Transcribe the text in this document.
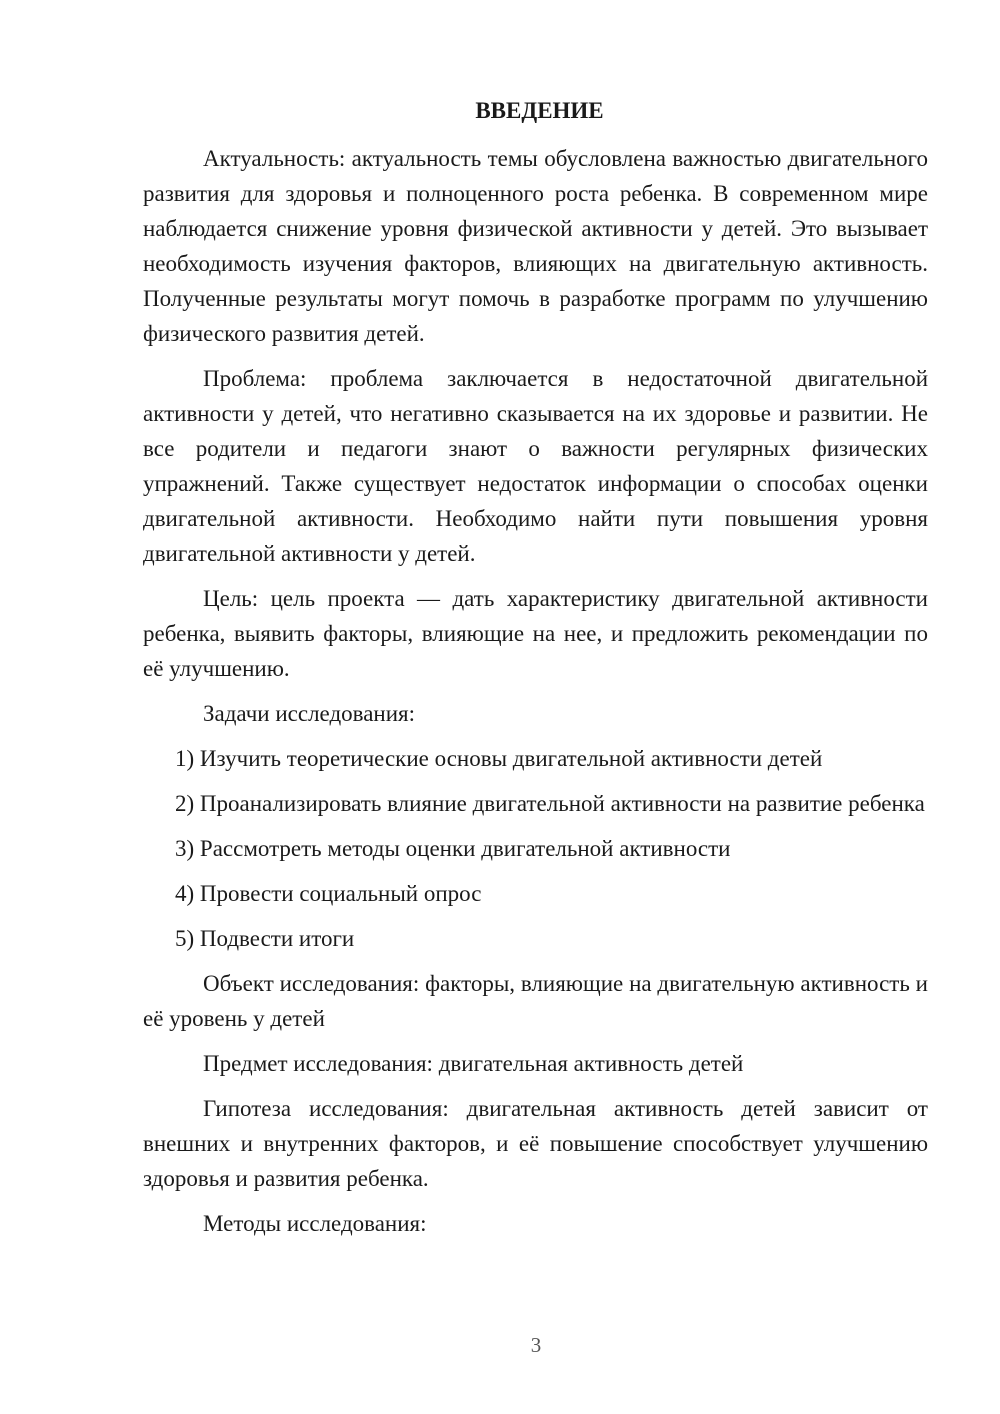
ВВЕДЕНИЕ

Актуальность: актуальность темы обусловлена важностью двигательного развития для здоровья и полноценного роста ребенка. В современном мире наблюдается снижение уровня физической активности у детей. Это вызывает необходимость изучения факторов, влияющих на двигательную активность. Полученные результаты могут помочь в разработке программ по улучшению физического развития детей.

Проблема: проблема заключается в недостаточной двигательной активности у детей, что негативно сказывается на их здоровье и развитии. Не все родители и педагоги знают о важности регулярных физических упражнений. Также существует недостаток информации о способах оценки двигательной активности. Необходимо найти пути повышения уровня двигательной активности у детей.

Цель: цель проекта — дать характеристику двигательной активности ребенка, выявить факторы, влияющие на нее, и предложить рекомендации по её улучшению.

Задачи исследования:

1) Изучить теоретические основы двигательной активности детей

2) Проанализировать влияние двигательной активности на развитие ребенка

3) Рассмотреть методы оценки двигательной активности

4) Провести социальный опрос

5) Подвести итоги

Объект исследования: факторы, влияющие на двигательную активность и её уровень у детей

Предмет исследования: двигательная активность детей

Гипотеза исследования: двигательная активность детей зависит от внешних и внутренних факторов, и её повышение способствует улучшению здоровья и развития ребенка.

Методы исследования:

3
